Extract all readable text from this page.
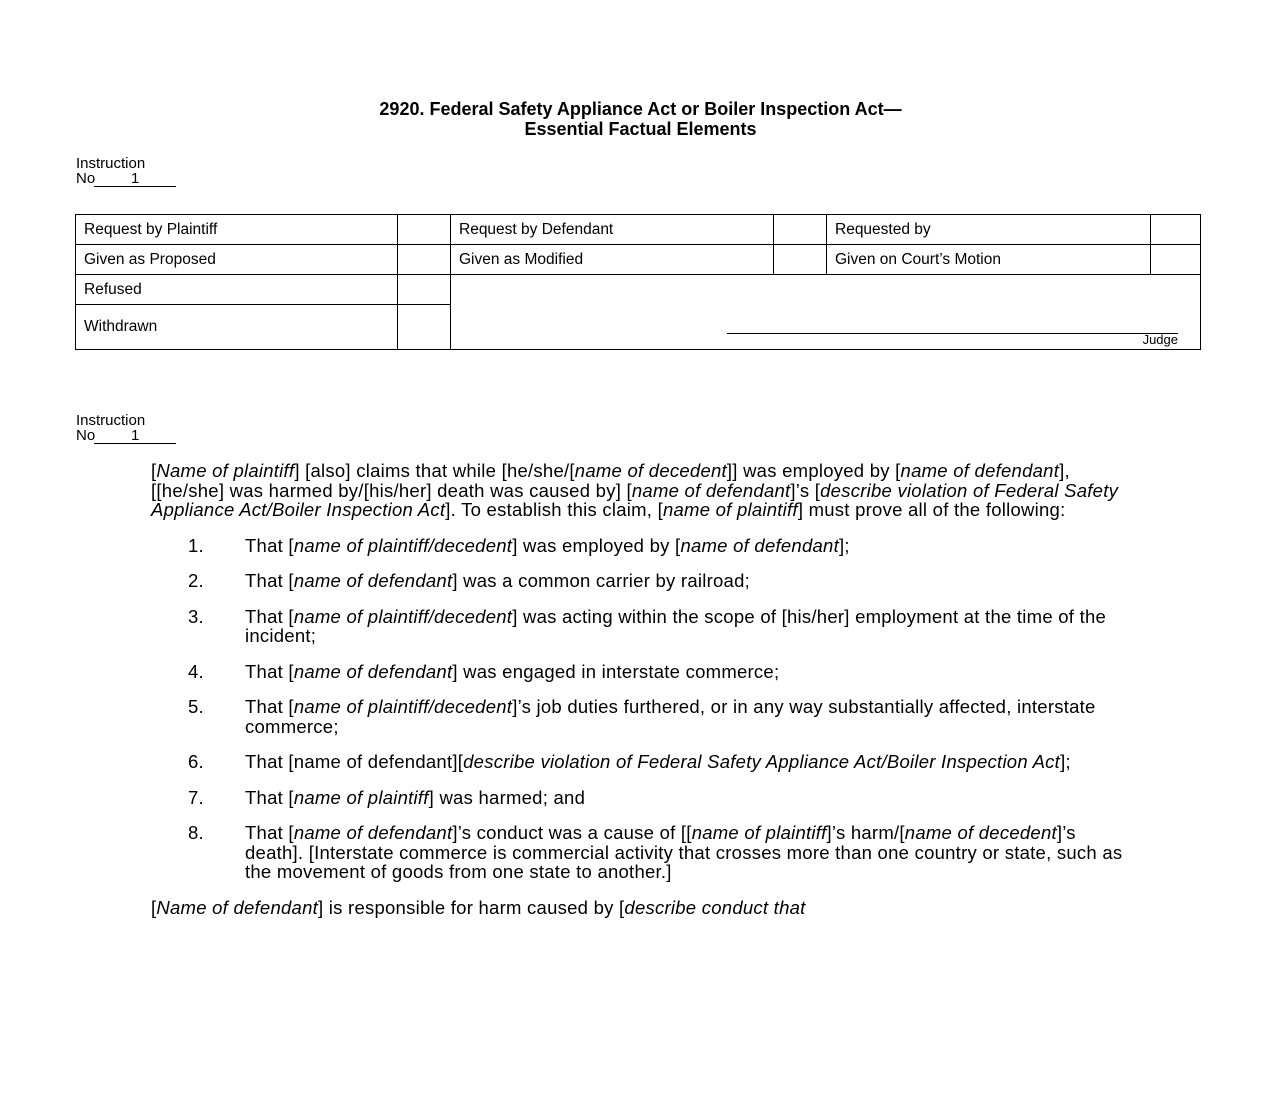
2920. Federal Safety Appliance Act or Boiler Inspection Act—
Essential Factual Elements
Instruction
No 1
Request by Plaintiff		Request by Defendant		Requested by	
Given as Proposed		Given as Modified		Given on Court’s Motion	
Refused		Judge			

Withdrawn					
Instruction
No 1

[Name of plaintiff] [also] claims that while [he/she/[name of decedent]] was employed by [name of defendant], [[he/she] was harmed by/[his/her] death was caused by] [name of defendant]’s [describe violation of Federal Safety Appliance Act/Boiler Inspection Act]. To establish this claim, [name of plaintiff] must prove all of the following:

1.	That [name of plaintiff/decedent] was employed by [name of defendant];
2.	That [name of defendant] was a common carrier by railroad;
3.	That [name of plaintiff/decedent] was acting within the scope of [his/her] employment at the time of the incident;
4.	That [name of defendant] was engaged in interstate commerce;
5.	That [name of plaintiff/decedent]’s job duties furthered, or in any way substantially affected, interstate commerce;
6.	That [name of defendant][describe violation of Federal Safety Appliance Act/Boiler Inspection Act];
7.	That [name of plaintiff] was harmed; and
8.	That [name of defendant]’s conduct was a cause of [[name of plaintiff]’s harm/[name of decedent]’s death]. [Interstate commerce is commercial activity that crosses more than one country or state, such as the movement of goods from one state to another.]

[Name of defendant] is responsible for harm caused by [describe conduct that
